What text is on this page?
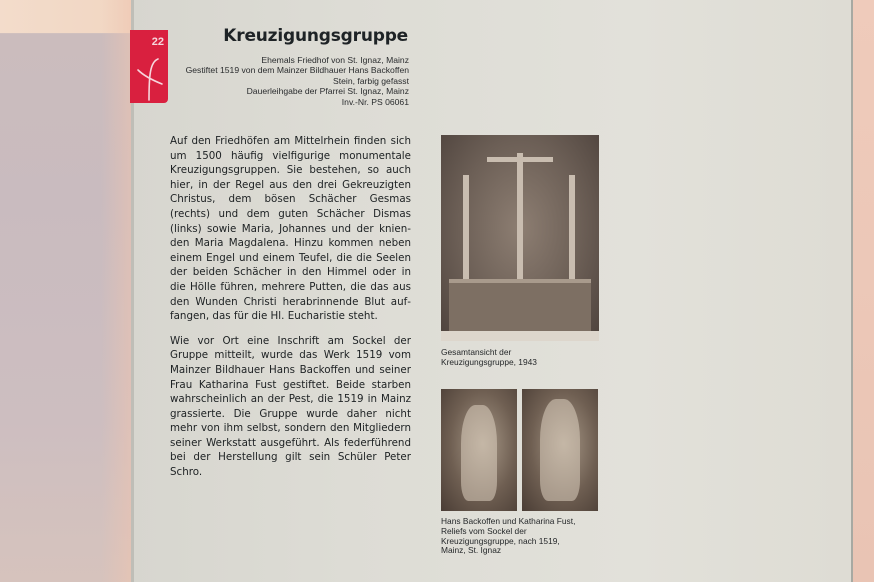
22	Kreuzigungsgruppe
Ehemals Friedhof von St. Ignaz, Mainz
Gestiftet 1519 von dem Mainzer Bildhauer Hans Backoffen
Stein, farbig gefasst
Dauerleihgabe der Pfarrei St. Ignaz, Mainz
Inv.-Nr. PS 06061

Auf den Friedhöfen am Mittelrhein finden sich um 1500 häufig vielfigurige monumentale Kreuzigungsgruppen. Sie bestehen, so auch hier, in der Regel aus den drei Gekreuzigten Christus, dem bösen Schächer Gesmas (rechts) und dem guten Schächer Dismas (links) sowie Maria, Johannes und der knienden Maria Magdalena. Hinzu kommen neben einem Engel und einem Teufel, die die Seelen der beiden Schächer in den Himmel oder in die Hölle führen, mehrere Putten, die das aus den Wunden Christi herabrinnende Blut auffangen, das für die Hl. Eucharistie steht.

Wie vor Ort eine Inschrift am Sockel der Gruppe mitteilt, wurde das Werk 1519 vom Mainzer Bildhauer Hans Backoffen und seiner Frau Katharina Fust gestiftet. Beide starben wahrscheinlich an der Pest, die 1519 in Mainz grassierte. Die Gruppe wurde daher nicht mehr von ihm selbst, sondern den Mitgliedern seiner Werkstatt ausgeführt. Als federführend bei der Herstellung gilt sein Schüler Peter Schro.

Gesamtansicht der
Kreuzigungsgruppe, 1943
Hans Backoffen und Katharina Fust,
Reliefs vom Sockel der
Kreuzigungsgruppe, nach 1519,
Mainz, St. Ignaz
